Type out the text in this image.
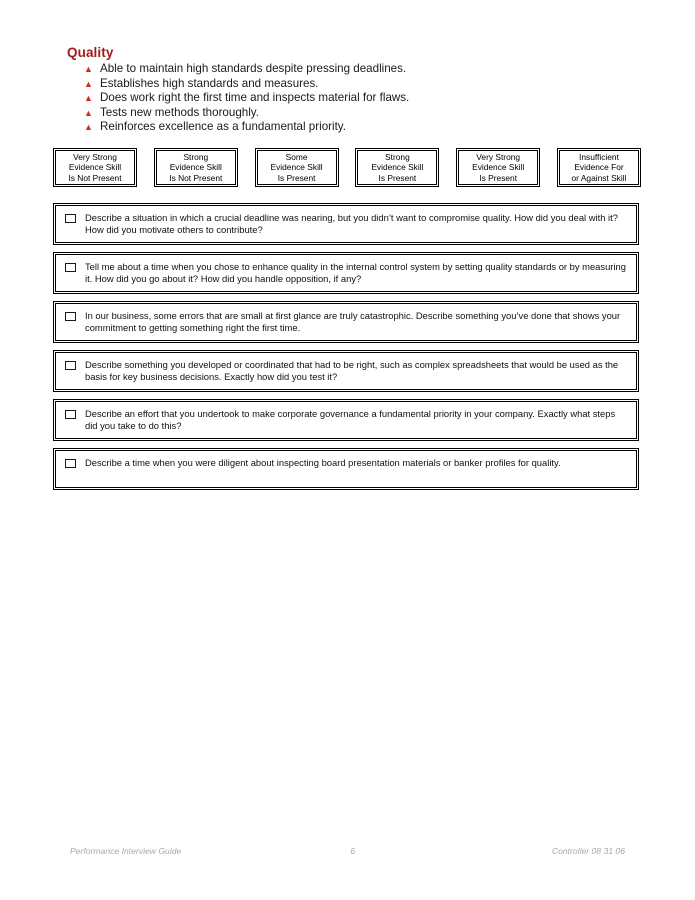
Quality
▲ Able to maintain high standards despite pressing deadlines.
▲ Establishes high standards and measures.
▲ Does work right the first time and inspects material for flaws.
▲ Tests new methods thoroughly.
▲ Reinforces excellence as a fundamental priority.
Very Strong
Evidence Skill
Is Not Present
Strong
Evidence Skill
Is Not Present
Some
Evidence Skill
Is Present
Strong
Evidence Skill
Is Present
Very Strong
Evidence Skill
Is Present
Insufficient
Evidence For
or Against Skill
Describe a situation in which a crucial deadline was nearing, but you didn’t want to compromise quality. How did you deal with it? How did you motivate others to contribute?
Tell me about a time when you chose to enhance quality in the internal control system by setting quality standards or by measuring it. How did you go about it? How did you handle opposition, if any?
In our business, some errors that are small at first glance are truly catastrophic. Describe something you’ve done that shows your commitment to getting something right the first time.
Describe something you developed or coordinated that had to be right, such as complex spreadsheets that would be used as the basis for key business decisions. Exactly how did you test it?
Describe an effort that you undertook to make corporate governance a fundamental priority in your company. Exactly what steps did you take to do this?
Describe a time when you were diligent about inspecting board presentation materials or banker profiles for quality.
Performance Interview Guide	6	Controller 08 31 06
